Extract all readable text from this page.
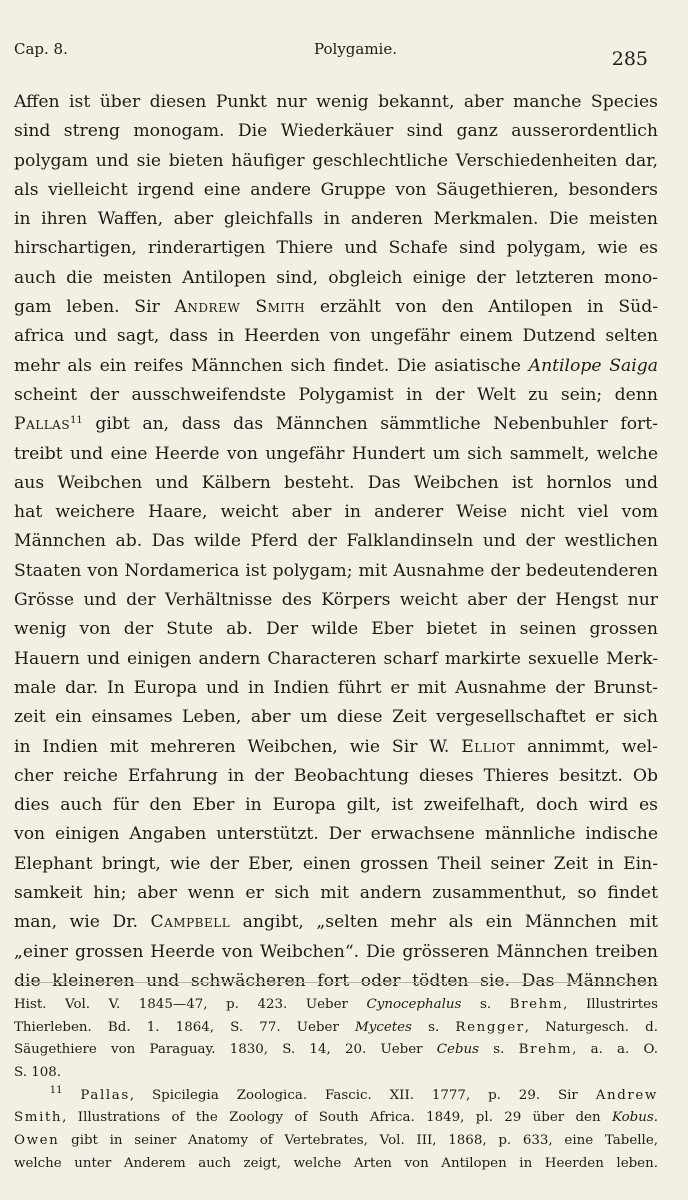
Cap. 8.	Polygamie.	285
Affen ist über diesen Punkt nur wenig bekannt, aber manche Species
sind streng monogam. Die Wiederkäuer sind ganz ausserordentlich
polygam und sie bieten häufiger geschlechtliche Verschiedenheiten dar,
als vielleicht irgend eine andere Gruppe von Säugethieren, besonders
in ihren Waffen, aber gleichfalls in anderen Merkmalen. Die meisten
hirschartigen, rinderartigen Thiere und Schafe sind polygam, wie es
auch die meisten Antilopen sind, obgleich einige der letzteren mono-
gam leben. Sir Andrew Smith erzählt von den Antilopen in Süd-
africa und sagt, dass in Heerden von ungefähr einem Dutzend selten
mehr als ein reifes Männchen sich findet. Die asiatische Antilope Saiga
scheint der ausschweifendste Polygamist in der Welt zu sein; denn
Pallas$^{11}$ gibt an, dass das Männchen sämmtliche Nebenbuhler fort-
treibt und eine Heerde von ungefähr Hundert um sich sammelt, welche
aus Weibchen und Kälbern besteht. Das Weibchen ist hornlos und
hat weichere Haare, weicht aber in anderer Weise nicht viel vom
Männchen ab. Das wilde Pferd der Falklandinseln und der westlichen
Staaten von Nordamerica ist polygam; mit Ausnahme der bedeutenderen
Grösse und der Verhältnisse des Körpers weicht aber der Hengst nur
wenig von der Stute ab. Der wilde Eber bietet in seinen grossen
Hauern und einigen andern Characteren scharf markirte sexuelle Merk-
male dar. In Europa und in Indien führt er mit Ausnahme der Brunst-
zeit ein einsames Leben, aber um diese Zeit vergesellschaftet er sich
in Indien mit mehreren Weibchen, wie Sir W. Elliot annimmt, wel-
cher reiche Erfahrung in der Beobachtung dieses Thieres besitzt. Ob
dies auch für den Eber in Europa gilt, ist zweifelhaft, doch wird es
von einigen Angaben unterstützt. Der erwachsene männliche indische
Elephant bringt, wie der Eber, einen grossen Theil seiner Zeit in Ein-
samkeit hin; aber wenn er sich mit andern zusammenthut, so findet
man, wie Dr. Campbell angibt, „selten mehr als ein Männchen mit
„einer grossen Heerde von Weibchen“. Die grösseren Männchen treiben
die kleineren und schwächeren fort oder tödten sie. Das Männchen
Hist. Vol. V. 1845—47, p. 423. Ueber Cynocephalus s. Brehm, Illustrirtes
Thierleben. Bd. 1. 1864, S. 77. Ueber Mycetes s. Rengger, Naturgesch. d.
Säugethiere von Paraguay. 1830, S. 14, 20. Ueber Cebus s. Brehm, a. a. O.
S. 108.
$^{11}$ Pallas, Spicilegia Zoologica. Fascic. XII. 1777, p. 29. Sir Andrew
Smith, Illustrations of the Zoology of South Africa. 1849, pl. 29 über den Kobus.
Owen gibt in seiner Anatomy of Vertebrates, Vol. III, 1868, p. 633, eine Tabelle,
welche unter Anderem auch zeigt, welche Arten von Antilopen in Heerden leben.
